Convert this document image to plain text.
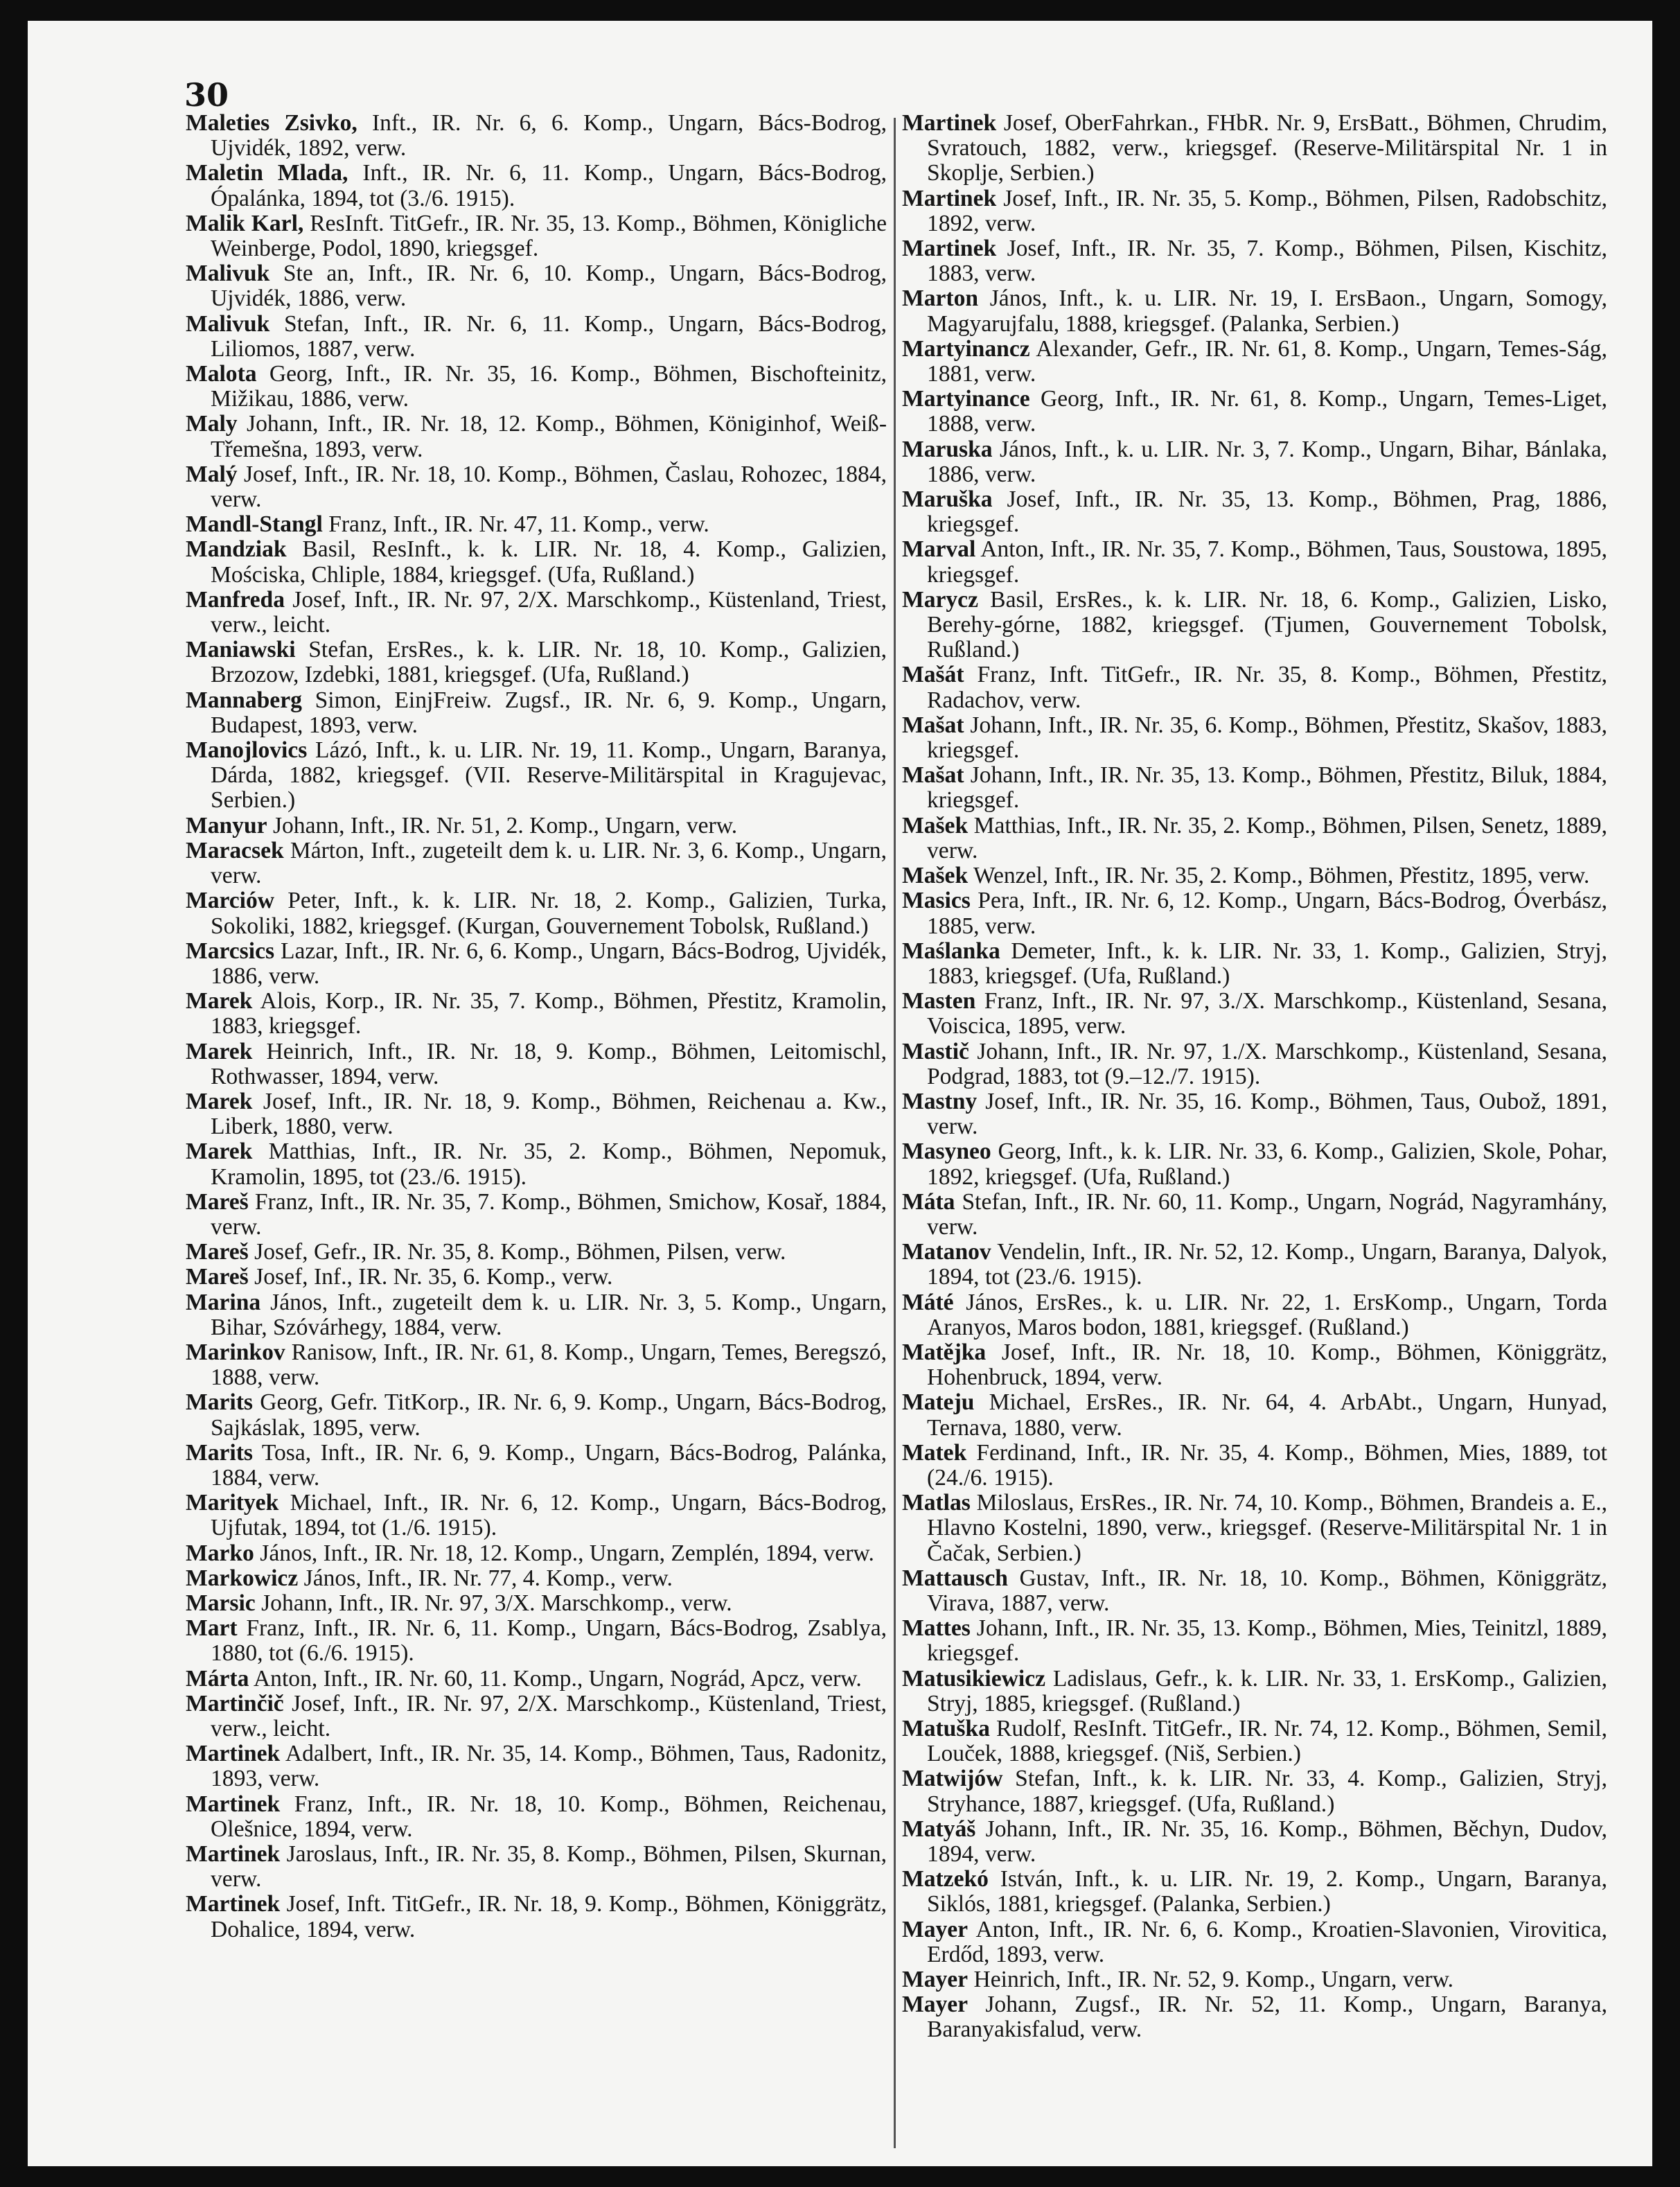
30
Maleties Zsivko, Inft., IR. Nr. 6, 6. Komp., Ungarn, Bács-Bodrog, Ujvidék, 1892, verw.
Maletin Mlada, Inft., IR. Nr. 6, 11. Komp., Ungarn, Bács-Bodrog, Ópalánka, 1894, tot (3./6. 1915).
Malik Karl, ResInft. TitGefr., IR. Nr. 35, 13. Komp., Böhmen, Königliche Weinberge, Podol, 1890, kriegsgef.
Malivuk Ste an, Inft., IR. Nr. 6, 10. Komp., Ungarn, Bács-Bodrog, Ujvidék, 1886, verw.
Malivuk Stefan, Inft., IR. Nr. 6, 11. Komp., Ungarn, Bács-Bodrog, Liliomos, 1887, verw.
Malota Georg, Inft., IR. Nr. 35, 16. Komp., Böhmen, Bischofteinitz, Mižikau, 1886, verw.
Maly Johann, Inft., IR. Nr. 18, 12. Komp., Böhmen, Königinhof, Weiß-Třemešna, 1893, verw.
Malý Josef, Inft., IR. Nr. 18, 10. Komp., Böhmen, Časlau, Rohozec, 1884, verw.
Mandl-Stangl Franz, Inft., IR. Nr. 47, 11. Komp., verw.
Mandziak Basil, ResInft., k. k. LIR. Nr. 18, 4. Komp., Galizien, Mościska, Chliple, 1884, kriegsgef. (Ufa, Rußland.)
Manfreda Josef, Inft., IR. Nr. 97, 2/X. Marschkomp., Küstenland, Triest, verw., leicht.
Maniawski Stefan, ErsRes., k. k. LIR. Nr. 18, 10. Komp., Galizien, Brzozow, Izdebki, 1881, kriegsgef. (Ufa, Rußland.)
Mannaberg Simon, EinjFreiw. Zugsf., IR. Nr. 6, 9. Komp., Ungarn, Budapest, 1893, verw.
Manojlovics Lázó, Inft., k. u. LIR. Nr. 19, 11. Komp., Ungarn, Baranya, Dárda, 1882, kriegsgef. (VII. Reserve-Militärspital in Kragujevac, Serbien.)
Manyur Johann, Inft., IR. Nr. 51, 2. Komp., Ungarn, verw.
Maracsek Márton, Inft., zugeteilt dem k. u. LIR. Nr. 3, 6. Komp., Ungarn, verw.
Marciów Peter, Inft., k. k. LIR. Nr. 18, 2. Komp., Galizien, Turka, Sokoliki, 1882, kriegsgef. (Kurgan, Gouvernement Tobolsk, Rußland.)
Marcsics Lazar, Inft., IR. Nr. 6, 6. Komp., Ungarn, Bács-Bodrog, Ujvidék, 1886, verw.
Marek Alois, Korp., IR. Nr. 35, 7. Komp., Böhmen, Přestitz, Kramolin, 1883, kriegsgef.
Marek Heinrich, Inft., IR. Nr. 18, 9. Komp., Böhmen, Leitomischl, Rothwasser, 1894, verw.
Marek Josef, Inft., IR. Nr. 18, 9. Komp., Böhmen, Reichenau a. Kw., Liberk, 1880, verw.
Marek Matthias, Inft., IR. Nr. 35, 2. Komp., Böhmen, Nepomuk, Kramolin, 1895, tot (23./6. 1915).
Mareš Franz, Inft., IR. Nr. 35, 7. Komp., Böhmen, Smichow, Kosař, 1884, verw.
Mareš Josef, Gefr., IR. Nr. 35, 8. Komp., Böhmen, Pilsen, verw.
Mareš Josef, Inf., IR. Nr. 35, 6. Komp., verw.
Marina János, Inft., zugeteilt dem k. u. LIR. Nr. 3, 5. Komp., Ungarn, Bihar, Szóvárhegy, 1884, verw.
Marinkov Ranisow, Inft., IR. Nr. 61, 8. Komp., Ungarn, Temes, Beregszó, 1888, verw.
Marits Georg, Gefr. TitKorp., IR. Nr. 6, 9. Komp., Ungarn, Bács-Bodrog, Sajkáslak, 1895, verw.
Marits Tosa, Inft., IR. Nr. 6, 9. Komp., Ungarn, Bács-Bodrog, Palánka, 1884, verw.
Marityek Michael, Inft., IR. Nr. 6, 12. Komp., Ungarn, Bács-Bodrog, Ujfutak, 1894, tot (1./6. 1915).
Marko János, Inft., IR. Nr. 18, 12. Komp., Ungarn, Zemplén, 1894, verw.
Markowicz János, Inft., IR. Nr. 77, 4. Komp., verw.
Marsic Johann, Inft., IR. Nr. 97, 3/X. Marschkomp., verw.
Mart Franz, Inft., IR. Nr. 6, 11. Komp., Ungarn, Bács-Bodrog, Zsablya, 1880, tot (6./6. 1915).
Márta Anton, Inft., IR. Nr. 60, 11. Komp., Ungarn, Nográd, Apcz, verw.
Martinčič Josef, Inft., IR. Nr. 97, 2/X. Marschkomp., Küstenland, Triest, verw., leicht.
Martinek Adalbert, Inft., IR. Nr. 35, 14. Komp., Böhmen, Taus, Radonitz, 1893, verw.
Martinek Franz, Inft., IR. Nr. 18, 10. Komp., Böhmen, Reichenau, Olešnice, 1894, verw.
Martinek Jaroslaus, Inft., IR. Nr. 35, 8. Komp., Böhmen, Pilsen, Skurnan, verw.
Martinek Josef, Inft. TitGefr., IR. Nr. 18, 9. Komp., Böhmen, Königgrätz, Dohalice, 1894, verw.
Martinek Josef, OberFahrkan., FHbR. Nr. 9, ErsBatt., Böhmen, Chrudim, Svratouch, 1882, verw., kriegsgef. (Reserve-Militärspital Nr. 1 in Skoplje, Serbien.)
Martinek Josef, Inft., IR. Nr. 35, 5. Komp., Böhmen, Pilsen, Radobschitz, 1892, verw.
Martinek Josef, Inft., IR. Nr. 35, 7. Komp., Böhmen, Pilsen, Kischitz, 1883, verw.
Marton János, Inft., k. u. LIR. Nr. 19, I. ErsBaon., Ungarn, Somogy, Magyarujfalu, 1888, kriegsgef. (Palanka, Serbien.)
Martyinancz Alexander, Gefr., IR. Nr. 61, 8. Komp., Ungarn, Temes-Ság, 1881, verw.
Martyinance Georg, Inft., IR. Nr. 61, 8. Komp., Ungarn, Temes-Liget, 1888, verw.
Maruska János, Inft., k. u. LIR. Nr. 3, 7. Komp., Ungarn, Bihar, Bánlaka, 1886, verw.
Maruška Josef, Inft., IR. Nr. 35, 13. Komp., Böhmen, Prag, 1886, kriegsgef.
Marval Anton, Inft., IR. Nr. 35, 7. Komp., Böhmen, Taus, Soustowa, 1895, kriegsgef.
Marycz Basil, ErsRes., k. k. LIR. Nr. 18, 6. Komp., Galizien, Lisko, Berehy-górne, 1882, kriegsgef. (Tjumen, Gouvernement Tobolsk, Rußland.)
Mašát Franz, Inft. TitGefr., IR. Nr. 35, 8. Komp., Böhmen, Přestitz, Radachov, verw.
Mašat Johann, Inft., IR. Nr. 35, 6. Komp., Böhmen, Přestitz, Skašov, 1883, kriegsgef.
Mašat Johann, Inft., IR. Nr. 35, 13. Komp., Böhmen, Přestitz, Biluk, 1884, kriegsgef.
Mašek Matthias, Inft., IR. Nr. 35, 2. Komp., Böhmen, Pilsen, Senetz, 1889, verw.
Mašek Wenzel, Inft., IR. Nr. 35, 2. Komp., Böhmen, Přestitz, 1895, verw.
Masics Pera, Inft., IR. Nr. 6, 12. Komp., Ungarn, Bács-Bodrog, Óverbász, 1885, verw.
Maślanka Demeter, Inft., k. k. LIR. Nr. 33, 1. Komp., Galizien, Stryj, 1883, kriegsgef. (Ufa, Rußland.)
Masten Franz, Inft., IR. Nr. 97, 3./X. Marschkomp., Küstenland, Sesana, Voiscica, 1895, verw.
Mastič Johann, Inft., IR. Nr. 97, 1./X. Marschkomp., Küstenland, Sesana, Podgrad, 1883, tot (9.–12./7. 1915).
Mastny Josef, Inft., IR. Nr. 35, 16. Komp., Böhmen, Taus, Oubož, 1891, verw.
Masyneo Georg, Inft., k. k. LIR. Nr. 33, 6. Komp., Galizien, Skole, Pohar, 1892, kriegsgef. (Ufa, Rußland.)
Máta Stefan, Inft., IR. Nr. 60, 11. Komp., Ungarn, Nográd, Nagyramhány, verw.
Matanov Vendelin, Inft., IR. Nr. 52, 12. Komp., Ungarn, Baranya, Dalyok, 1894, tot (23./6. 1915).
Máté János, ErsRes., k. u. LIR. Nr. 22, 1. ErsKomp., Ungarn, Torda Aranyos, Maros bodon, 1881, kriegsgef. (Rußland.)
Matějka Josef, Inft., IR. Nr. 18, 10. Komp., Böhmen, Königgrätz, Hohenbruck, 1894, verw.
Mateju Michael, ErsRes., IR. Nr. 64, 4. ArbAbt., Ungarn, Hunyad, Ternava, 1880, verw.
Matek Ferdinand, Inft., IR. Nr. 35, 4. Komp., Böhmen, Mies, 1889, tot (24./6. 1915).
Matlas Miloslaus, ErsRes., IR. Nr. 74, 10. Komp., Böhmen, Brandeis a. E., Hlavno Kostelni, 1890, verw., kriegsgef. (Reserve-Militärspital Nr. 1 in Čačak, Serbien.)
Mattausch Gustav, Inft., IR. Nr. 18, 10. Komp., Böhmen, Königgrätz, Virava, 1887, verw.
Mattes Johann, Inft., IR. Nr. 35, 13. Komp., Böhmen, Mies, Teinitzl, 1889, kriegsgef.
Matusikiewicz Ladislaus, Gefr., k. k. LIR. Nr. 33, 1. ErsKomp., Galizien, Stryj, 1885, kriegsgef. (Rußland.)
Matuška Rudolf, ResInft. TitGefr., IR. Nr. 74, 12. Komp., Böhmen, Semil, Louček, 1888, kriegsgef. (Niš, Serbien.)
Matwijów Stefan, Inft., k. k. LIR. Nr. 33, 4. Komp., Galizien, Stryj, Stryhance, 1887, kriegsgef. (Ufa, Rußland.)
Matyáš Johann, Inft., IR. Nr. 35, 16. Komp., Böhmen, Běchyn, Dudov, 1894, verw.
Matzekó István, Inft., k. u. LIR. Nr. 19, 2. Komp., Ungarn, Baranya, Siklós, 1881, kriegsgef. (Palanka, Serbien.)
Mayer Anton, Inft., IR. Nr. 6, 6. Komp., Kroatien-Slavonien, Virovitica, Erdőd, 1893, verw.
Mayer Heinrich, Inft., IR. Nr. 52, 9. Komp., Ungarn, verw.
Mayer Johann, Zugsf., IR. Nr. 52, 11. Komp., Ungarn, Baranya, Baranyakisfalud, verw.
